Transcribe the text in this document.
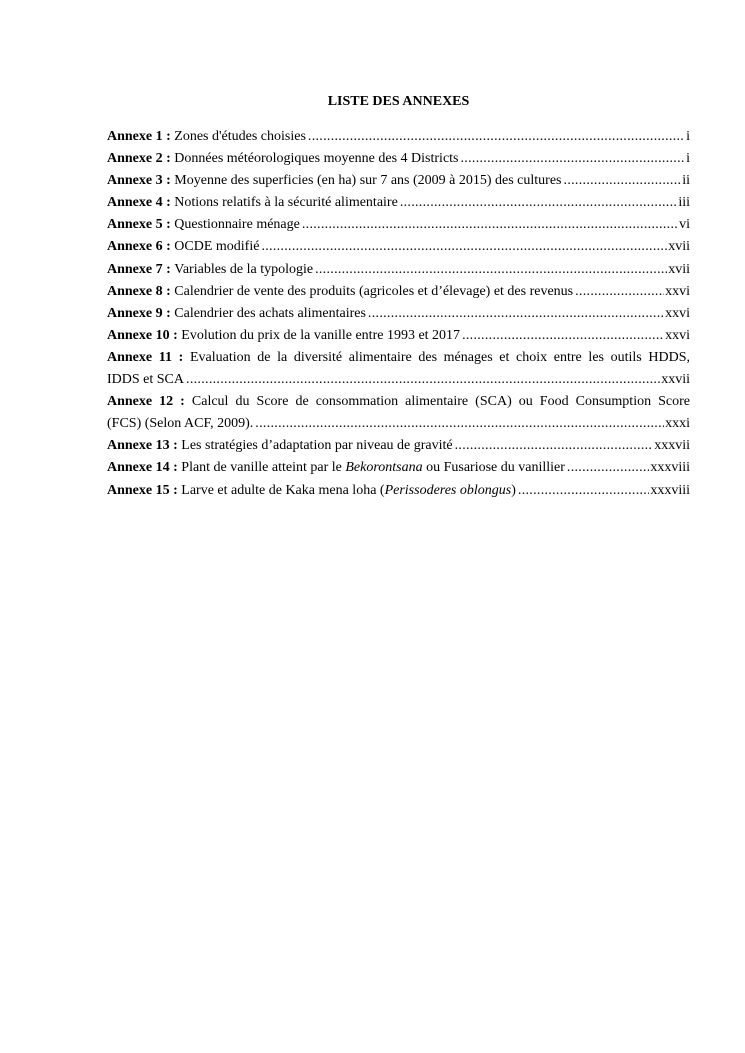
LISTE DES ANNEXES
Annexe 1 :
Zones d'études choisies .....	i
Annexe 2 :
Données météorologiques moyenne des 4 Districts .....	i
Annexe 3 :
Moyenne des superficies (en ha) sur 7 ans (2009 à 2015) des cultures .....	ii
Annexe 4 :
Notions relatifs à la sécurité alimentaire .....	iii
Annexe 5 :
Questionnaire ménage .....	vi
Annexe 6 :
OCDE modifié .....	xvii
Annexe 7 :
Variables de la typologie .....	xvii
Annexe 8 :
Calendrier de vente des produits (agricoles et d’élevage) et des revenus .....	xxvi
Annexe 9 :
Calendrier des achats alimentaires .....	xxvi
Annexe 10 :
Evolution du prix de la vanille entre 1993 et 2017 .....	xxvi
Annexe 11 : Evaluation de la diversité alimentaire des ménages et choix entre les outils HDDS,
IDDS et SCA .....	xxvii
Annexe 12 : Calcul du Score de consommation alimentaire (SCA) ou Food Consumption Score
(FCS) (Selon ACF, 2009). .....	xxxi
Annexe 13 :
Les stratégies d’adaptation par niveau de gravité .....	xxxvii
Annexe 14 :
Plant de vanille atteint par le
Bekorontsana
ou Fusariose du vanillier .....	xxxviii
Annexe 15 :
Larve et adulte de Kaka mena loha ( Perissoderes oblongus ) .....	xxxviii
